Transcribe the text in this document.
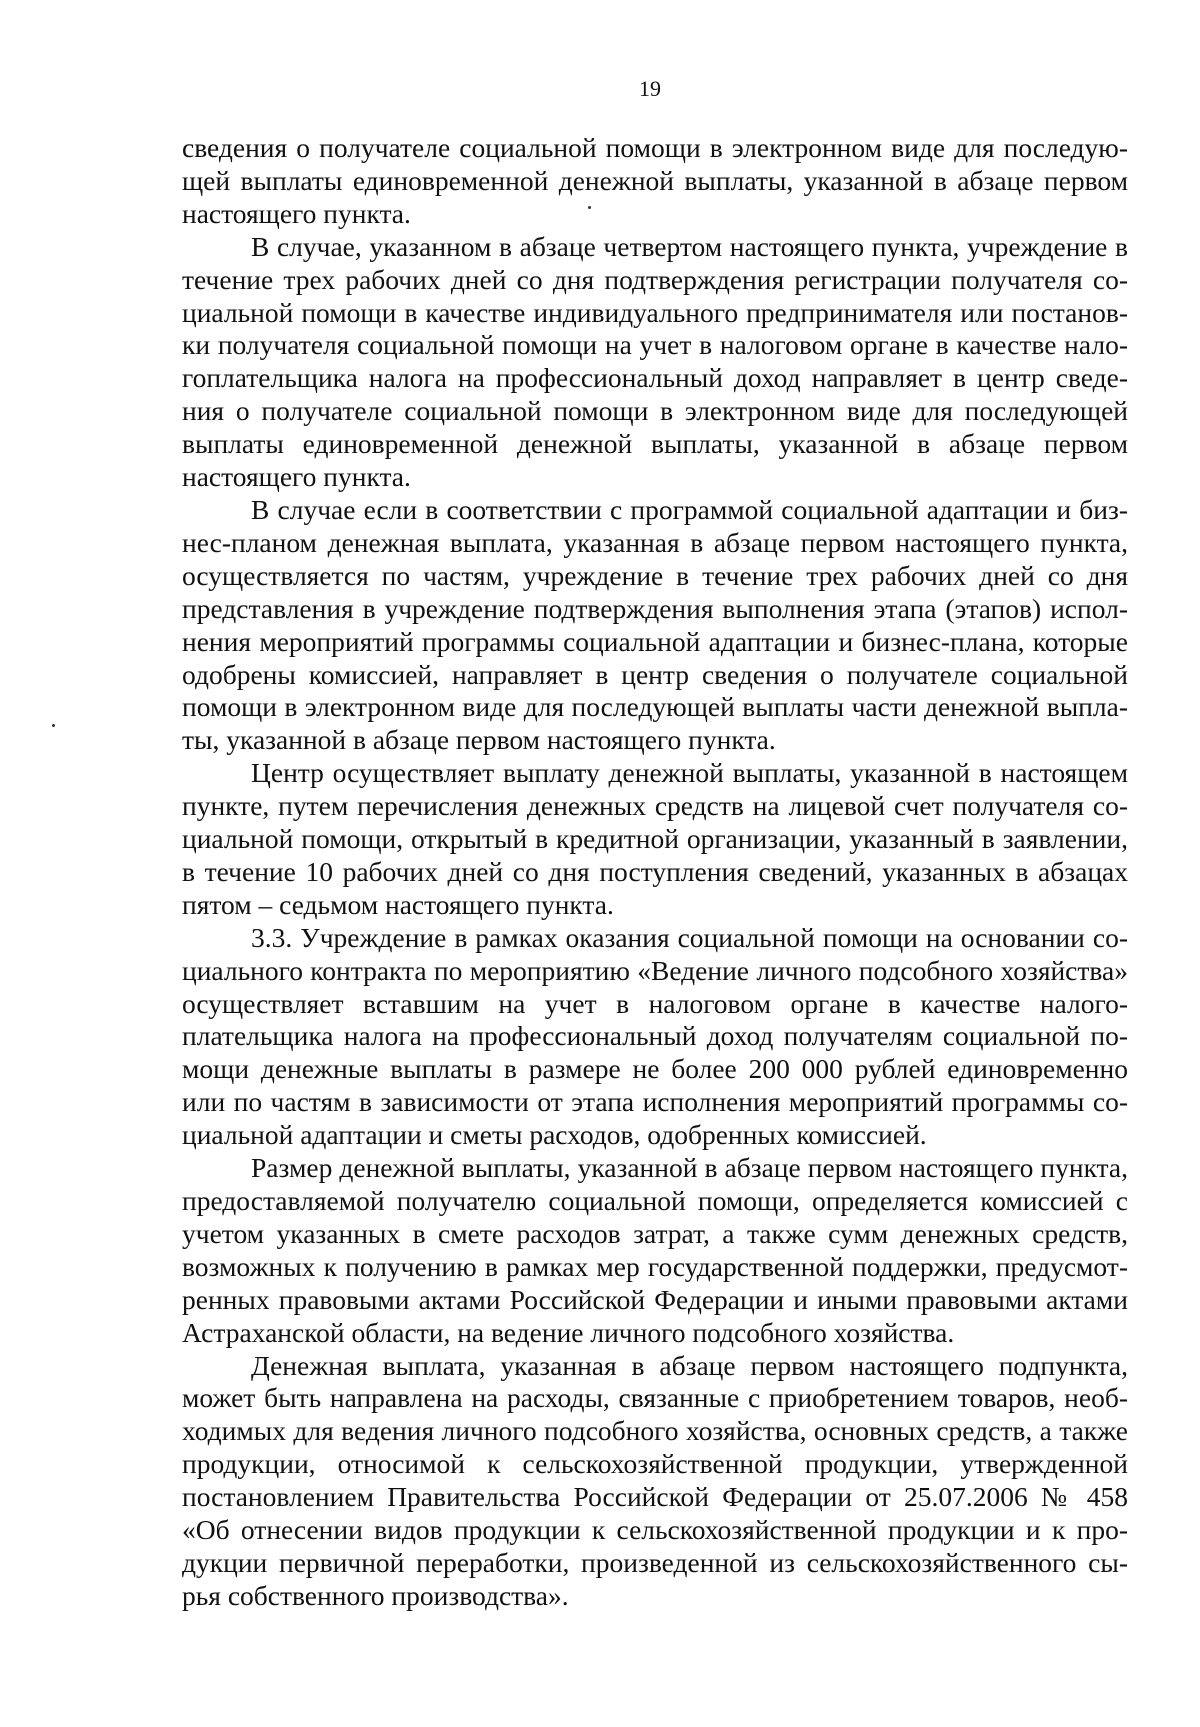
19

сведения о получателе социальной помощи в электронном виде для последующей выплаты единовременной денежной выплаты, указанной в абзаце первом настоящего пункта.

В случае, указанном в абзаце четвертом настоящего пункта, учреждение в течение трех рабочих дней со дня подтверждения регистрации получателя социальной помощи в качестве индивидуального предпринимателя или постановки получателя социальной помощи на учет в налоговом органе в качестве налогоплательщика налога на профессиональный доход направляет в центр сведения о получателе социальной помощи в электронном виде для последующей выплаты единовременной денежной выплаты, указанной в абзаце первом настоящего пункта.

В случае если в соответствии с программой социальной адаптации и бизнес-планом денежная выплата, указанная в абзаце первом настоящего пункта, осуществляется по частям, учреждение в течение трех рабочих дней со дня представления в учреждение подтверждения выполнения этапа (этапов) исполнения мероприятий программы социальной адаптации и бизнес-плана, которые одобрены комиссией, направляет в центр сведения о получателе социальной помощи в электронном виде для последующей выплаты части денежной выплаты, указанной в абзаце первом настоящего пункта.

Центр осуществляет выплату денежной выплаты, указанной в настоящем пункте, путем перечисления денежных средств на лицевой счет получателя социальной помощи, открытый в кредитной организации, указанный в заявлении, в течение 10 рабочих дней со дня поступления сведений, указанных в абзацах пятом – седьмом настоящего пункта.

3.3. Учреждение в рамках оказания социальной помощи на основании социального контракта по мероприятию «Ведение личного подсобного хозяйства» осуществляет вставшим на учет в налоговом органе в качестве налогоплательщика налога на профессиональный доход получателям социальной помощи денежные выплаты в размере не более 200 000 рублей единовременно или по частям в зависимости от этапа исполнения мероприятий программы социальной адаптации и сметы расходов, одобренных комиссией.

Размер денежной выплаты, указанной в абзаце первом настоящего пункта, предоставляемой получателю социальной помощи, определяется комиссией с учетом указанных в смете расходов затрат, а также сумм денежных средств, возможных к получению в рамках мер государственной поддержки, предусмотренных правовыми актами Российской Федерации и иными правовыми актами Астраханской области, на ведение личного подсобного хозяйства.

Денежная выплата, указанная в абзаце первом настоящего подпункта, может быть направлена на расходы, связанные с приобретением товаров, необходимых для ведения личного подсобного хозяйства, основных средств, а также продукции, относимой к сельскохозяйственной продукции, утвержденной постановлением Правительства Российской Федерации от 25.07.2006 № 458 «Об отнесении видов продукции к сельскохозяйственной продукции и к продукции первичной переработки, произведенной из сельскохозяйственного сырья собственного производства».
